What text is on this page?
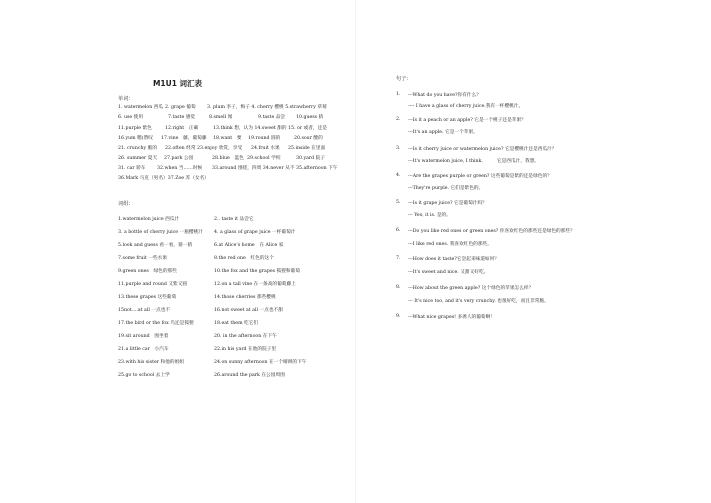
M1U1 词汇表
单词：
1. watermelon 西瓜 2. grape 葡萄 3. plum 李子，梅子 4. cherry 樱桃 5.strawberry 草莓
6. use 使用	7.taste 感觉	8.smell 闻	9.taste 品尝 10.guess 猜
11.purple 紫色	12.right　正确	13.think 想，认为 14.sweet 甜的 15. or 或者，还是
16.yum 嗯(赞叹 17.vine　藤，葡萄藤 18.want　要 19.round 圆的	20.sour 酸的
21. crunchy 脆的 22.often 经常 23.enjoy 欣赏，享受 24.fruit 水果 25.inside 在里面
26. summer 夏天 27.park 公园	28.blue　蓝色 29.school 学校	30.yard 院子
31. car 轿车 32.when 当……时候 33.around 围绕，四周 34.never 从不 35.afternoon 下午
36.Mark 马克（男名）37.Zoe 苏（女名）
词组：
1.watermelon juice 西瓜汁	2.. taste it 品尝它
3. a bottle of cherry juice 一瓶樱桃汁 4. a glass of grape juice 一杯葡萄汁
5.look and guess 看一看，猜一猜	6.at Alice's home　在 Alice 家
7.some fruit 一些水果	8.the red one　红色的这个
9.green ones　绿色的那些	10.the fox and the grapes 狐狸和葡萄
11.purple and round 又紫又圆	12.on a tall vine 在一条高的葡萄藤上
13.these grapes 这些葡萄	14.those cherries 那些樱桃
15not….at all 一点也不	16.not sweet at all 一点也不甜
17.the bird or the fox 鸟还是狐狸	18.eat them 吃它们
19.sit around　围坐着	20. in the afternoon 在下午
21.a little car　小汽车	22.in his yard 在他的院子里
23.with his sister 和他的姐姐	24.on sunny afternoon 在一个晴朗的下午
25.go to school 去上学	26.around the park 在公园周围
句子：
1. ---What do you have?你有什么？
---- I have a glass of cherry juice.我有一杯樱桃汁。
2. ---Is it a peach or an apple? 它是一个桃子还是苹果？
---It's an apple. 它是一个苹果。
3. ---Is it cherry juice or watermelon juice? 它是樱桃汁还是西瓜汁？
---It's watermelon juice, I think.　　　它是西瓜汁，我想。
4. ---Are the grapes purple or green? 这些葡萄是紫的还是绿色的？
---They're purple. 它们是紫色的。
5. ---Is it grape juice? 它是葡萄汁吗？
--- Yes, it is. 是的。
6. ---Do you like red ones or green ones? 你喜欢红色的那些还是绿色的那些？
---I like red ones. 我喜欢红色的那些。
7. ---How does it taste?它尝起来味道如何？
---It's sweet and nice. 又甜又好吃。
8. ---How about the green apple? 这个绿色的苹果怎么样？
--- It's nice too, and it's very crunchy. 也很好吃，而且非常脆。
9. ---What nice grapes! 多诱人的葡萄啊！
